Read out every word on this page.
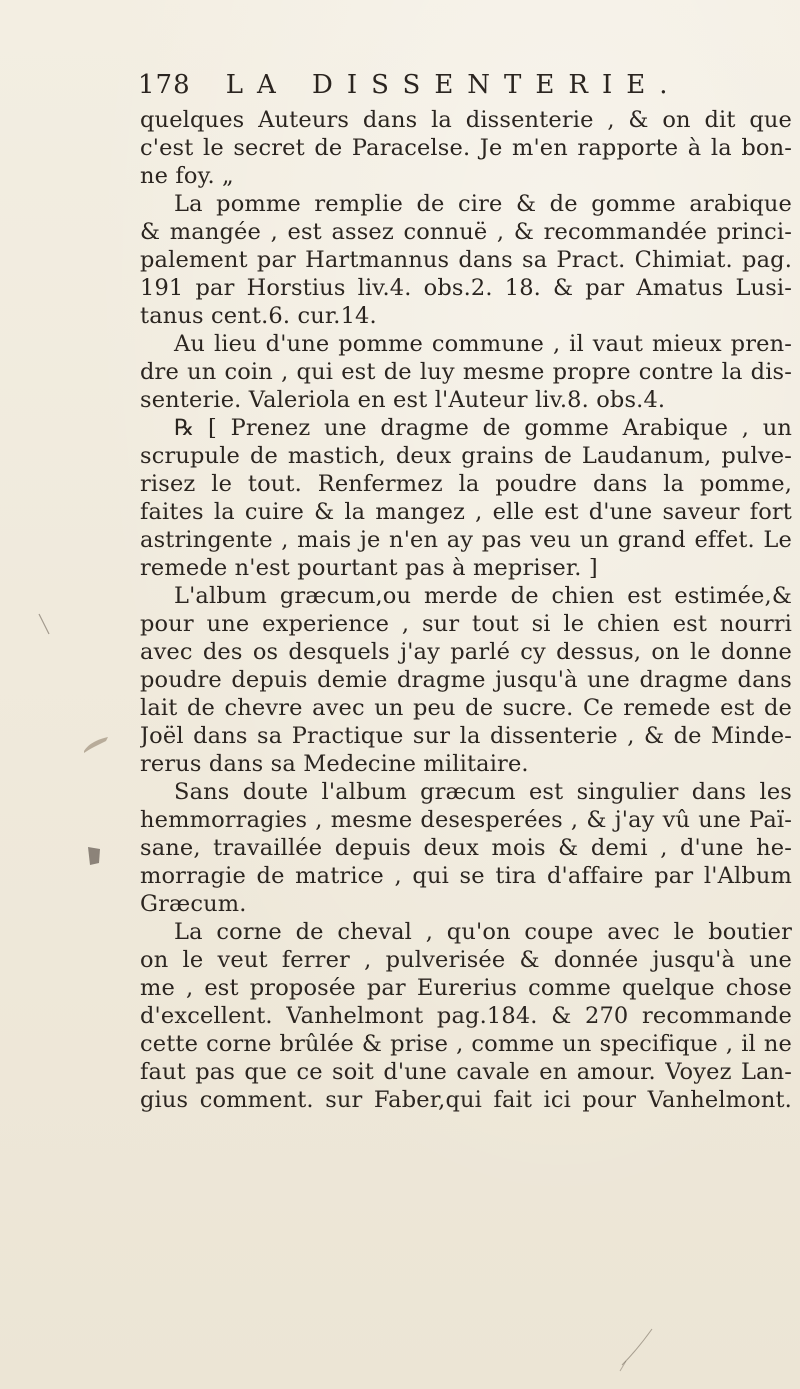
178 LA DISSENTERIE.
quelques Auteurs dans la dissenterie , & on dit que
c'est le secret de Paracelse. Je m'en rapporte à la bon-
ne foy. „
La pomme remplie de cire & de gomme arabique
& mangée , est assez connuë , & recommandée princi-
palement par Hartmannus dans sa Pract. Chimiat. pag.
191 par Horstius liv.4. obs.2. 18. & par Amatus Lusi-
tanus cent.6. cur.14.
Au lieu d'une pomme commune , il vaut mieux pren-
dre un coin , qui est de luy mesme propre contre la dis-
senterie. Valeriola en est l'Auteur liv.8. obs.4.
℞ [ Prenez une dragme de gomme Arabique , un
scrupule de mastich, deux grains de Laudanum, pulve-
risez le tout. Renfermez la poudre dans la pomme,
faites la cuire & la mangez , elle est d'une saveur fort
astringente , mais je n'en ay pas veu un grand effet. Le
remede n'est pourtant pas à mepriser. ]
L'album græcum,ou merde de chien est estimée,&
pour une experience , sur tout si le chien est nourri
avec des os desquels j'ay parlé cy dessus, on le donne
poudre depuis demie dragme jusqu'à une dragme dans
lait de chevre avec un peu de sucre. Ce remede est de
Joël dans sa Practique sur la dissenterie , & de Minde-
rerus dans sa Medecine militaire.
Sans doute l'album græcum est singulier dans les
hemmorragies , mesme desesperées , & j'ay vû une Paï-
sane, travaillée depuis deux mois & demi , d'une he-
morragie de matrice , qui se tira d'affaire par l'Album
Græcum.
La corne de cheval , qu'on coupe avec le boutier
on le veut ferrer , pulverisée & donnée jusqu'à une
me , est proposée par Eurerius comme quelque chose
d'excellent. Vanhelmont pag.184. & 270 recommande
cette corne brûlée & prise , comme un specifique , il ne
faut pas que ce soit d'une cavale en amour. Voyez Lan-
gius comment. sur Faber,qui fait ici pour Vanhelmont.
